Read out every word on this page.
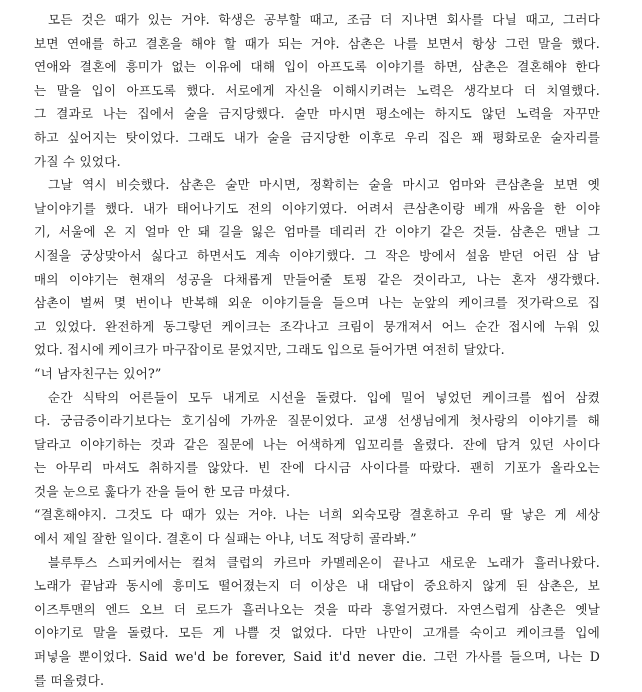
모든 것은 때가 있는 거야. 학생은 공부할 때고, 조금 더 지나면 회사를 다닐 때고, 그러다
보면 연애를 하고 결혼을 해야 할 때가 되는 거야. 삼촌은 나를 보면서 항상 그런 말을 했다.
연애와 결혼에 흥미가 없는 이유에 대해 입이 아프도록 이야기를 하면, 삼촌은 결혼해야 한다
는 말을 입이 아프도록 했다. 서로에게 자신을 이해시키려는 노력은 생각보다 더 치열했다.
그 결과로 나는 집에서 술을 금지당했다. 술만 마시면 평소에는 하지도 않던 노력을 자꾸만
하고 싶어지는 탓이었다. 그래도 내가 술을 금지당한 이후로 우리 집은 꽤 평화로운 술자리를
가질 수 있었다.
그날 역시 비슷했다. 삼촌은 술만 마시면, 정확히는 술을 마시고 엄마와 큰삼촌을 보면 옛
날이야기를 했다. 내가 태어나기도 전의 이야기였다. 어려서 큰삼촌이랑 베개 싸움을 한 이야
기, 서울에 온 지 얼마 안 돼 길을 잃은 엄마를 데리러 간 이야기 같은 것들. 삼촌은 맨날 그
시절을 궁상맞아서 싫다고 하면서도 계속 이야기했다. 그 작은 방에서 설움 받던 어린 삼 남
매의 이야기는 현재의 성공을 다채롭게 만들어줄 토핑 같은 것이라고, 나는 혼자 생각했다.
삼촌이 벌써 몇 번이나 반복해 외운 이야기들을 들으며 나는 눈앞의 케이크를 젓가락으로 집
고 있었다. 완전하게 동그랗던 케이크는 조각나고 크림이 뭉개져서 어느 순간 접시에 누워 있
었다. 접시에 케이크가 마구잡이로 묻었지만, 그래도 입으로 들어가면 여전히 달았다.
“너 남자친구는 있어?”
순간 식탁의 어른들이 모두 내게로 시선을 돌렸다. 입에 밀어 넣었던 케이크를 씹어 삼켰
다. 궁금증이라기보다는 호기심에 가까운 질문이었다. 교생 선생님에게 첫사랑의 이야기를 해
달라고 이야기하는 것과 같은 질문에 나는 어색하게 입꼬리를 올렸다. 잔에 담겨 있던 사이다
는 아무리 마셔도 취하지를 않았다. 빈 잔에 다시금 사이다를 따랐다. 괜히 기포가 올라오는
것을 눈으로 훑다가 잔을 들어 한 모금 마셨다.
“결혼해야지. 그것도 다 때가 있는 거야. 나는 너희 외숙모랑 결혼하고 우리 딸 낳은 게 세상
에서 제일 잘한 일이다. 결혼이 다 실패는 아냐, 너도 적당히 골라봐.”
블루투스 스피커에서는 컬쳐 클럽의 카르마 카멜레온이 끝나고 새로운 노래가 흘러나왔다.
노래가 끝남과 동시에 흥미도 떨어졌는지 더 이상은 내 대답이 중요하지 않게 된 삼촌은, 보
이즈투맨의 엔드 오브 더 로드가 흘러나오는 것을 따라 흥얼거렸다. 자연스럽게 삼촌은 옛날
이야기로 말을 돌렸다. 모든 게 나쁠 것 없었다. 다만 나만이 고개를 숙이고 케이크를 입에
퍼넣을 뿐이었다. Said we'd be forever, Said it'd never die. 그런 가사를 들으며, 나는 D
를 떠올렸다.
